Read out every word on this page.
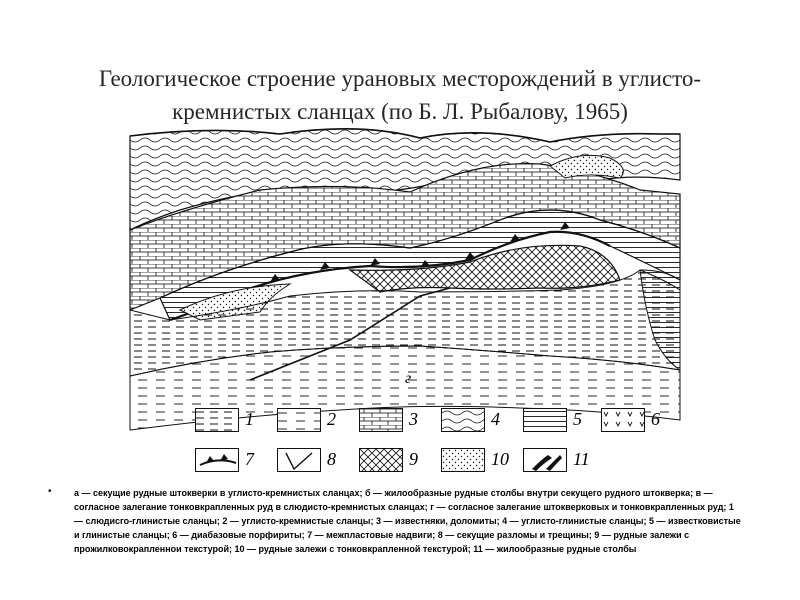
Геологическое строение урановых месторождений в углисто-
кремнистых сланцах (по Б. Л. Рыбалову, 1965)
г
1	2	3	4	5	6
7	8	9	10	11
• а — секущие рудные штокверки в углисто-кремнистых сланцах; б — жилообразные рудные столбы внутри секущего рудного штокверка; в — согласное залегание тонковкрапленных руд в слюдисто-кремнистых сланцах; г — согласное залегание штокверковых и тонковкрапленных руд; 1 — слюдисго-глинистые сланцы; 2 — углисто-кремнистые сланцы; 3 — известняки, доломиты; 4 — углисто-глинистые сланцы; 5 — известковистые и глинистые сланцы; 6 — диабазовые порфириты; 7 — межпластовые надвиги; 8 — секущие разломы и трещины; 9 — рудные залежи с прожилковокрапленнои текстурой; 10 — рудные залежи с тонковкрапленной текстурой; 11 — жилообразные рудные столбы
